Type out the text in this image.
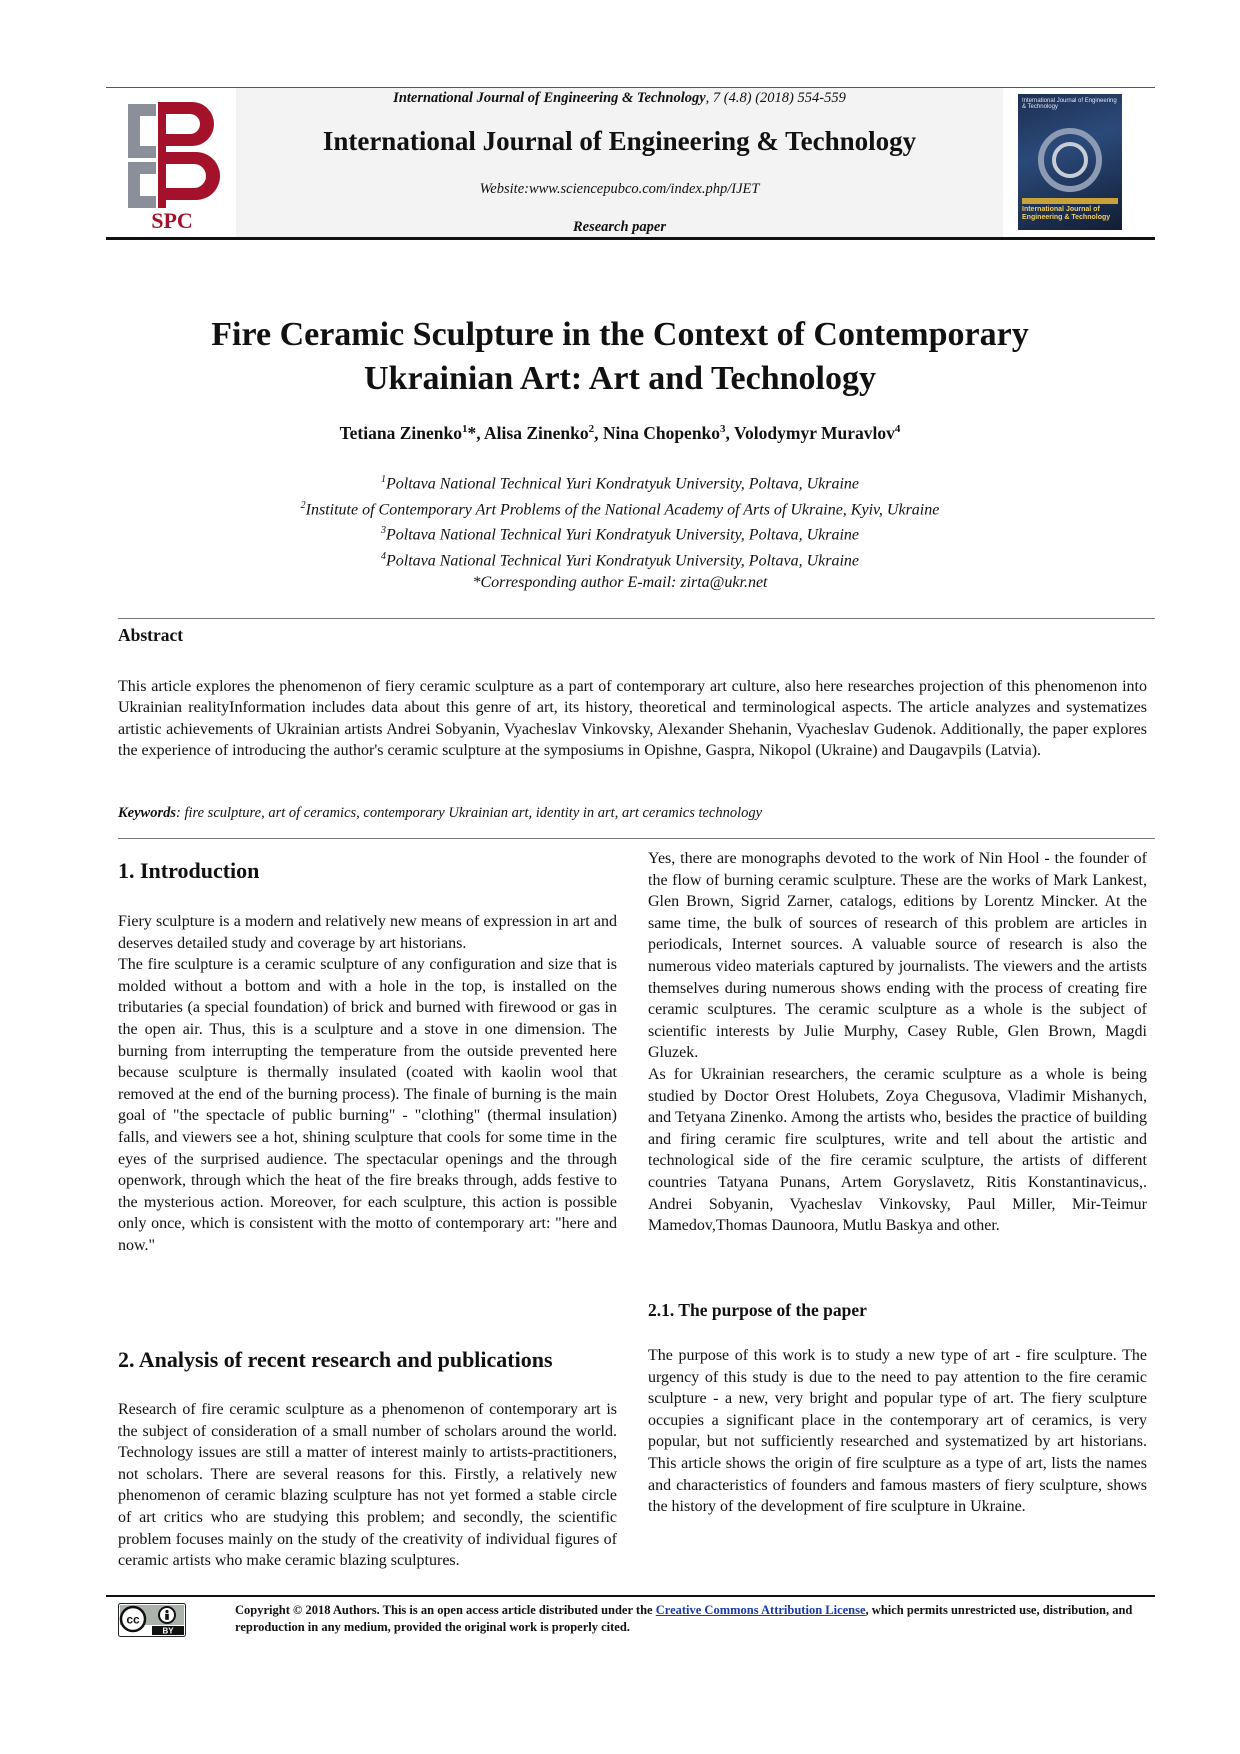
SPC
International Journal of Engineering & Technology, 7 (4.8) (2018) 554-559
International Journal of Engineering & Technology
Website:www.sciencepubco.com/index.php/IJET
Research paper
International Journal of Engineering & Technology
International Journal of Engineering & Technology
Fire Ceramic Sculpture in the Context of Contemporary
Ukrainian Art: Art and Technology
Tetiana Zinenko$^1$*, Alisa Zinenko$^2$, Nina Chopenko$^3$, Volodymyr Muravlov$^4$
$^1$Poltava National Technical Yuri Kondratyuk University, Poltava, Ukraine
$^2$Institute of Contemporary Art Problems of the National Academy of Arts of Ukraine, Kyiv, Ukraine
$^3$Poltava National Technical Yuri Kondratyuk University, Poltava, Ukraine
$^4$Poltava National Technical Yuri Kondratyuk University, Poltava, Ukraine
*Corresponding author E-mail: zirta@ukr.net
Abstract
This article explores the phenomenon of fiery ceramic sculpture as a part of contemporary art culture, also here researches projection of this phenomenon into Ukrainian realityInformation includes data about this genre of art, its history, theoretical and terminological aspects. The article analyzes and systematizes artistic achievements of Ukrainian artists Andrei Sobyanin, Vyacheslav Vinkovsky, Alexander Shehanin, Vyacheslav Gudenok. Additionally, the paper explores the experience of introducing the author's ceramic sculpture at the symposiums in Opishne, Gaspra, Nikopol (Ukraine) and Daugavpils (Latvia).
Keywords: fire sculpture, art of ceramics, contemporary Ukrainian art, identity in art, art ceramics technology
1. Introduction

Fiery sculpture is a modern and relatively new means of expression in art and deserves detailed study and coverage by art historians.

The fire sculpture is a ceramic sculpture of any configuration and size that is molded without a bottom and with a hole in the top, is installed on the tributaries (a special foundation) of brick and burned with firewood or gas in the open air. Thus, this is a sculpture and a stove in one dimension. The burning from interrupting the temperature from the outside prevented here because sculpture is thermally insulated (coated with kaolin wool that removed at the end of the burning process). The finale of burning is the main goal of "the spectacle of public burning" - "clothing" (thermal insulation) falls, and viewers see a hot, shining sculpture that cools for some time in the eyes of the surprised audience. The spectacular openings and the through openwork, through which the heat of the fire breaks through, adds festive to the mysterious action. Moreover, for each sculpture, this action is possible only once, which is consistent with the motto of contemporary art: "here and now."

2. Analysis of recent research and publications

Research of fire ceramic sculpture as a phenomenon of contemporary art is the subject of consideration of a small number of scholars around the world. Technology issues are still a matter of interest mainly to artists-practitioners, not scholars. There are several reasons for this. Firstly, a relatively new phenomenon of ceramic blazing sculpture has not yet formed a stable circle of art critics who are studying this problem; and secondly, the scientific problem focuses mainly on the study of the creativity of individual figures of ceramic artists who make ceramic blazing sculptures.

Yes, there are monographs devoted to the work of Nin Hool - the founder of the flow of burning ceramic sculpture. These are the works of Mark Lankest, Glen Brown, Sigrid Zarner, catalogs, editions by Lorentz Mincker. At the same time, the bulk of sources of research of this problem are articles in periodicals, Internet sources. A valuable source of research is also the numerous video materials captured by journalists. The viewers and the artists themselves during numerous shows ending with the process of creating fire ceramic sculptures. The ceramic sculpture as a whole is the subject of scientific interests by Julie Murphy, Casey Ruble, Glen Brown, Magdi Gluzek.

As for Ukrainian researchers, the ceramic sculpture as a whole is being studied by Doctor Orest Holubets, Zoya Chegusova, Vladimir Mishanych, and Tetyana Zinenko. Among the artists who, besides the practice of building and firing ceramic fire sculptures, write and tell about the artistic and technological side of the fire ceramic sculpture, the artists of different countries Tatyana Punans, Artem Goryslavetz, Ritis Konstantinavicus,. Andrei Sobyanin, Vyacheslav Vinkovsky, Paul Miller, Mir-Teimur Mamedov,Thomas Daunoora, Mutlu Baskya and other.

2.1. The purpose of the paper

The purpose of this work is to study a new type of art - fire sculpture. The urgency of this study is due to the need to pay attention to the fire ceramic sculpture - a new, very bright and popular type of art. The fiery sculpture occupies a significant place in the contemporary art of ceramics, is very popular, but not sufficiently researched and systematized by art historians. This article shows the origin of fire sculpture as a type of art, lists the names and characteristics of founders and famous masters of fiery sculpture, shows the history of the development of fire sculpture in Ukraine.

cc
BY
Copyright © 2018 Authors. This is an open access article distributed under the Creative Commons Attribution License, which permits unrestricted use, distribution, and reproduction in any medium, provided the original work is properly cited.
